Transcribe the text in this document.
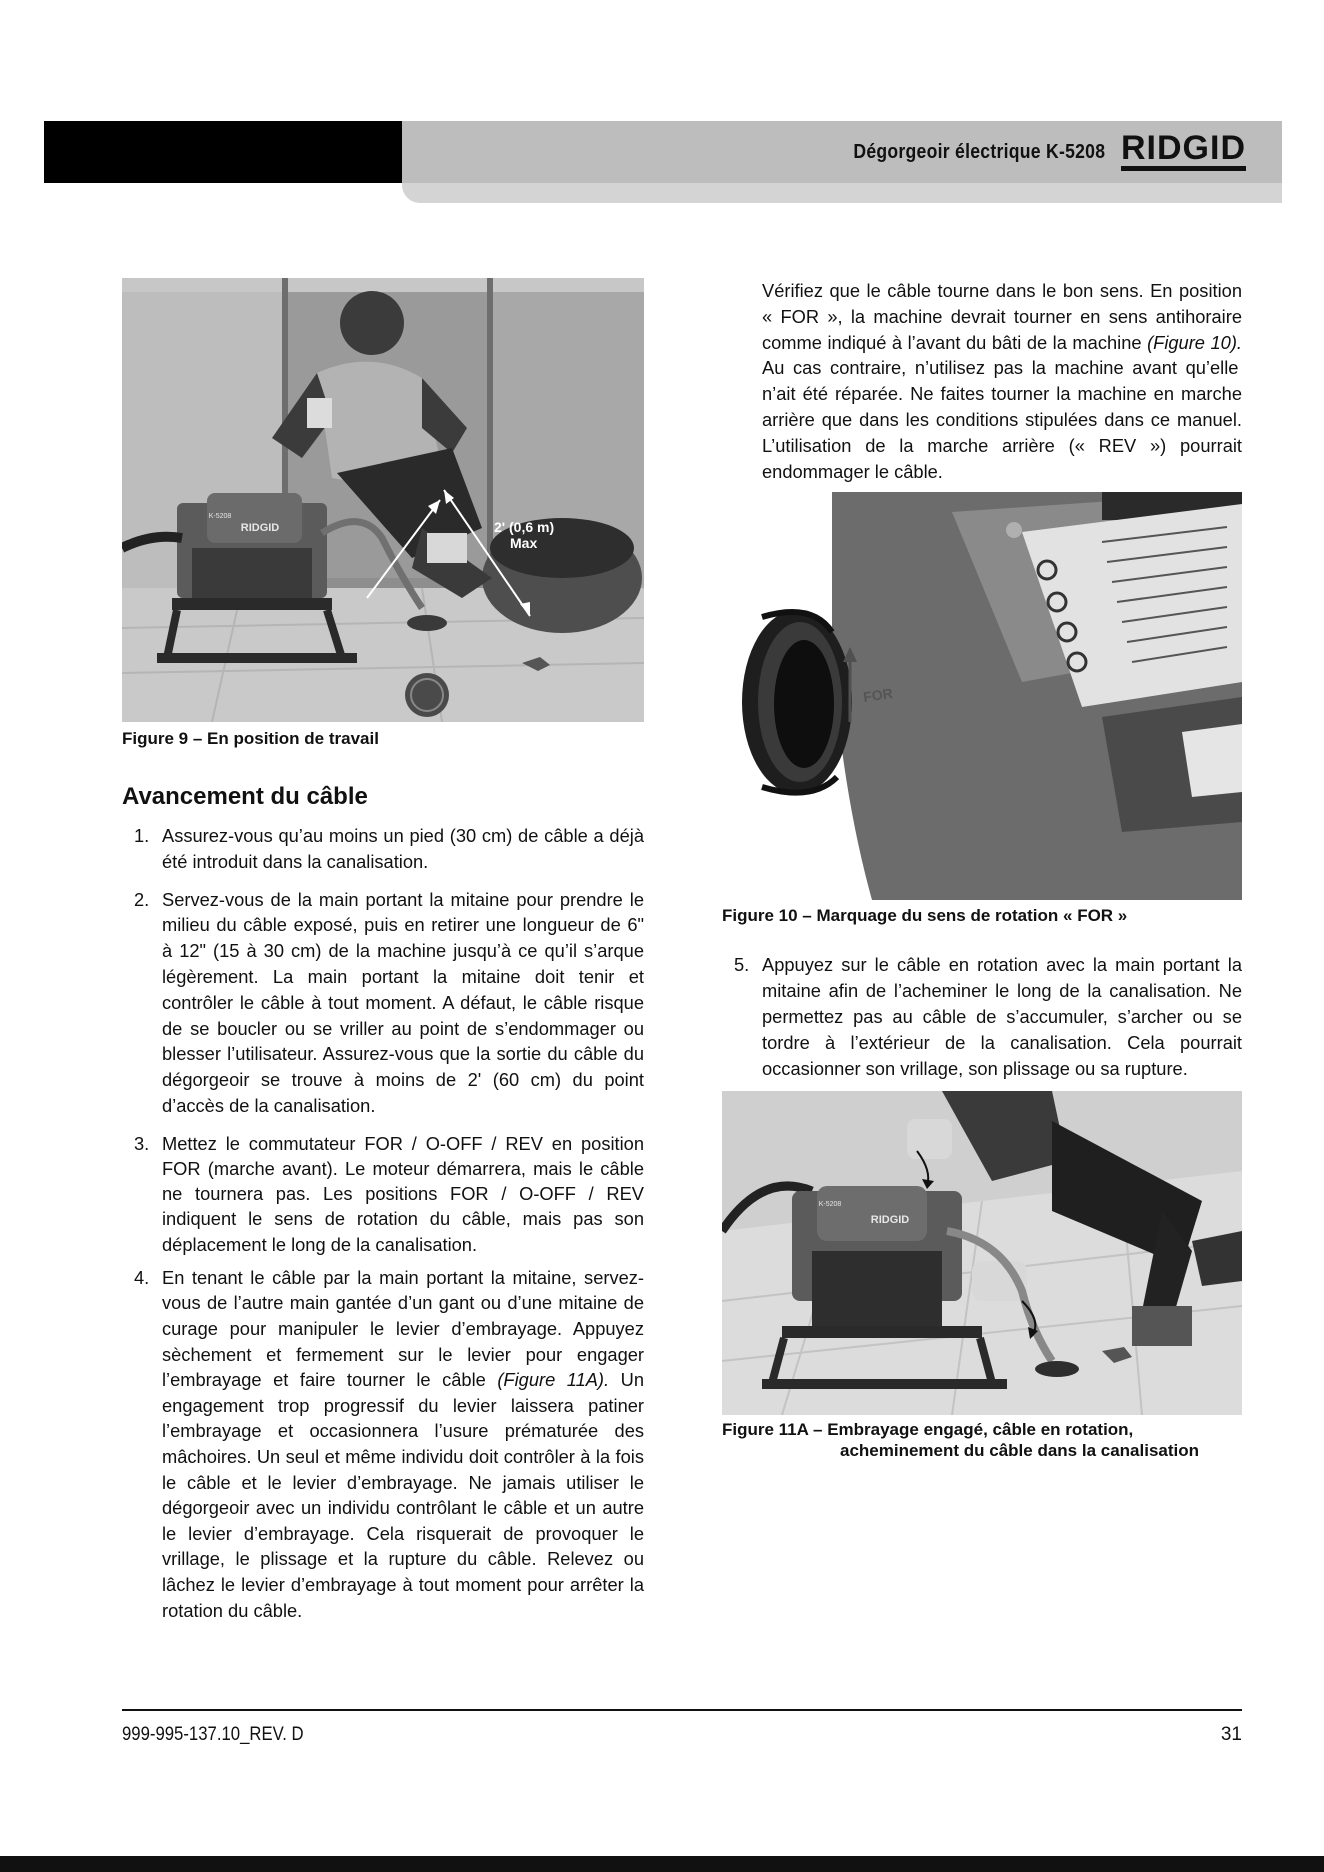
Dégorgeoir électrique K-5208 RIDGID
RIDGID
K-5208
2' (0,6 m)
Max
Figure 9 – En position de travail
Avancement du câble
1. Assurez-vous qu’au moins un pied (30 cm) de câble a déjà été introduit dans la canalisation.
2. Servez-vous de la main portant la mitaine pour prendre le milieu du câble exposé, puis en retirer une longueur de 6" à 12" (15 à 30 cm) de la machine jusqu’à ce qu’il s’arque légèrement. La main portant la mitaine doit tenir et contrôler le câble à tout moment. A défaut, le câble risque de se boucler ou se vriller au point de s’endommager ou blesser l’utilisateur. Assurez-vous que la sortie du câble du dégorgeoir se trouve à moins de 2' (60 cm) du point d’accès de la canalisation.
3. Mettez le commutateur FOR / O-OFF / REV en position FOR (marche avant). Le moteur démarrera, mais le câble ne tournera pas. Les positions FOR / O-OFF / REV indiquent le sens de rotation du câble, mais pas son déplacement le long de la canalisation.
4. En tenant le câble par la main portant la mitaine, servez-vous de l’autre main gantée d’un gant ou d’une mitaine de curage pour manipuler le levier d’embrayage. Appuyez sèchement et fermement sur le levier pour engager l’embrayage et faire tourner le câble (Figure 11A). Un engagement trop progressif du levier laissera patiner l’embrayage et occasionnera l’usure prématurée des mâchoires. Un seul et même individu doit contrôler à la fois le câble et le levier d’embrayage. Ne jamais utiliser le dégorgeoir avec un individu contrôlant le câble et un autre le levier d’embrayage. Cela risquerait de provoquer le vrillage, le plissage et la rupture du câble. Relevez ou lâchez le levier d’embrayage à tout moment pour arrêter la rotation du câble.

Vérifiez que le câble tourne dans le bon sens. En position « FOR », la machine devrait tourner en sens antihoraire comme indiqué à l’avant du bâti de la machine (Figure 10). Au cas contraire, n’utilisez pas la machine avant qu’elle n’ait été réparée. Ne faites tourner la machine en marche arrière que dans les conditions stipulées dans ce manuel. L’utilisation de la marche arrière (« REV ») pourrait endommager le câble.

FOR
Figure 10 – Marquage du sens de rotation « FOR »
5. Appuyez sur le câble en rotation avec la main portant la mitaine afin de l’acheminer le long de la canalisation. Ne permettez pas au câble de s’accumuler, s’archer ou se tordre à l’extérieur de la canalisation. Cela pourrait occasionner son vrillage, son plissage ou sa rupture.
RIDGID
K-5208
Figure 11A – Embrayage engagé, câble en rotation,
acheminement du câble dans la canalisation
999-995-137.10_REV. D	31
